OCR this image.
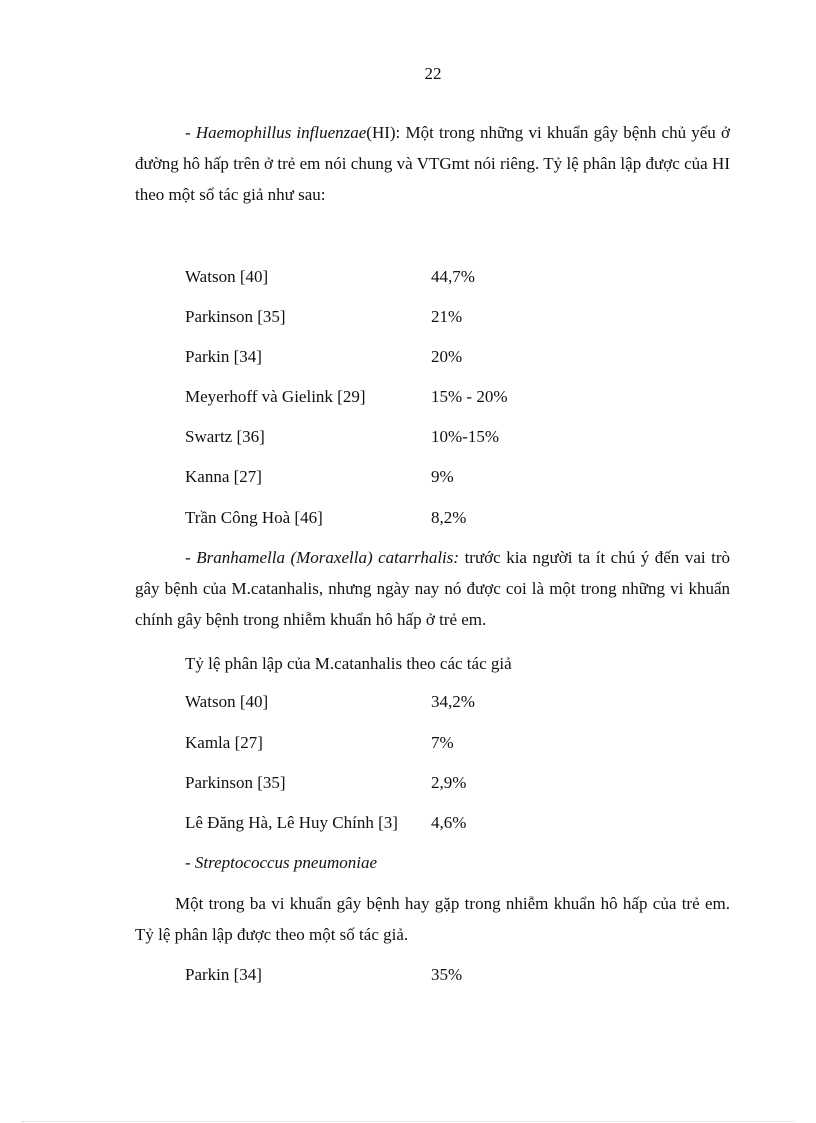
22
- Haemophillus influenzae(HI): Một trong những vi khuẩn gây bệnh chủ yếu ở đường hô hấp trên ở trẻ em nói chung và VTGmt nói riêng. Tỷ lệ phân lập được của HI theo một số tác giả như sau:
Watson [40]	44,7%
Parkinson [35]	21%
Parkin [34]	20%
Meyerhoff và Gielink [29]	15% - 20%
Swartz [36]	10%-15%
Kanna [27]	9%
Trần Công Hoà [46]	8,2%
- Branhamella (Moraxella) catarrhalis: trước kia người ta ít chú ý đến vai trò gây bệnh của M.catanhalis, nhưng ngày nay nó được coi là một trong những vi khuẩn chính gây bệnh trong nhiễm khuẩn hô hấp ở trẻ em.
Tỷ lệ phân lập của M.catanhalis theo các tác giả
Watson [40]	34,2%
Kamla [27]	7%
Parkinson [35]	2,9%
Lê Đăng Hà, Lê Huy Chính [3] 4,6%
- Streptococcus pneumoniae
Một trong ba vi khuẩn gây bệnh hay gặp trong nhiễm khuẩn hô hấp của trẻ em. Tỷ lệ phân lập được theo một số tác giả.
Parkin [34]	35%
